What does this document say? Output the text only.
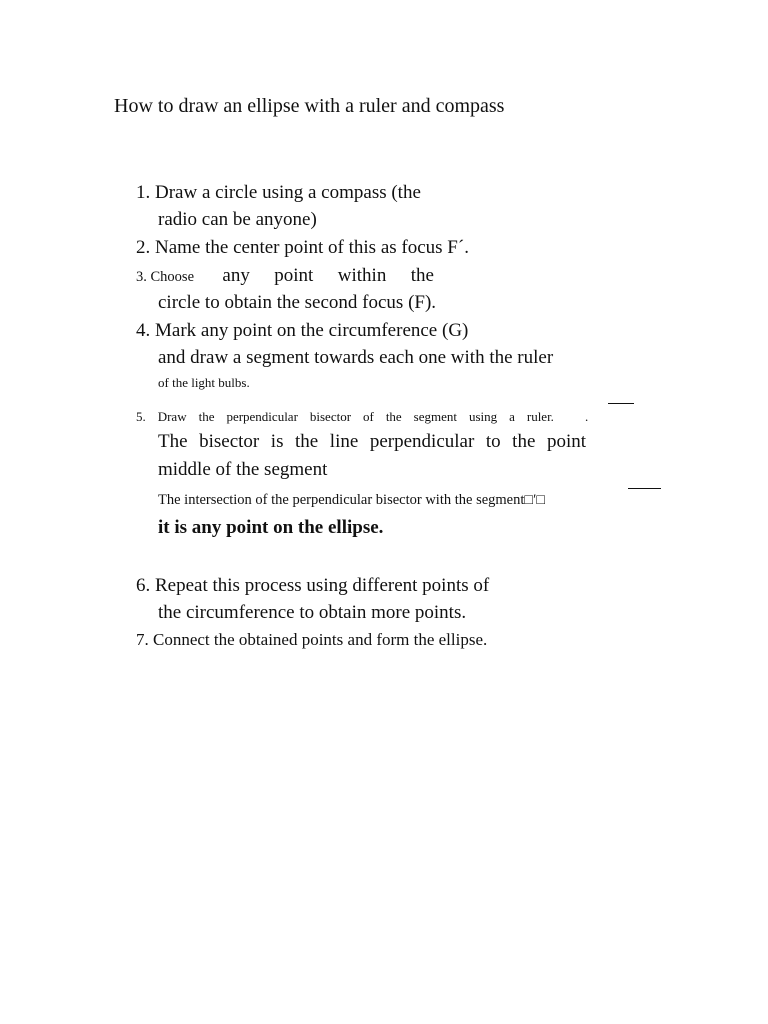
How to draw an ellipse with a ruler and compass
1. Draw a circle using a compass (the
radio can be anyone)
2. Name the center point of this as focus F´.
3. Choose any point within the
circle to obtain the second focus (F).
4. Mark any point on the circumference (G)
and draw a segment towards each one with the ruler
of the light bulbs.
5. Draw the perpendicular bisector of the segment using a ruler. .
The bisector is the line perpendicular to the point
middle of the segment
The intersection of the perpendicular bisector with the segment□′□
it is any point on the ellipse.
6. Repeat this process using different points of
the circumference to obtain more points.
7. Connect the obtained points and form the ellipse.
